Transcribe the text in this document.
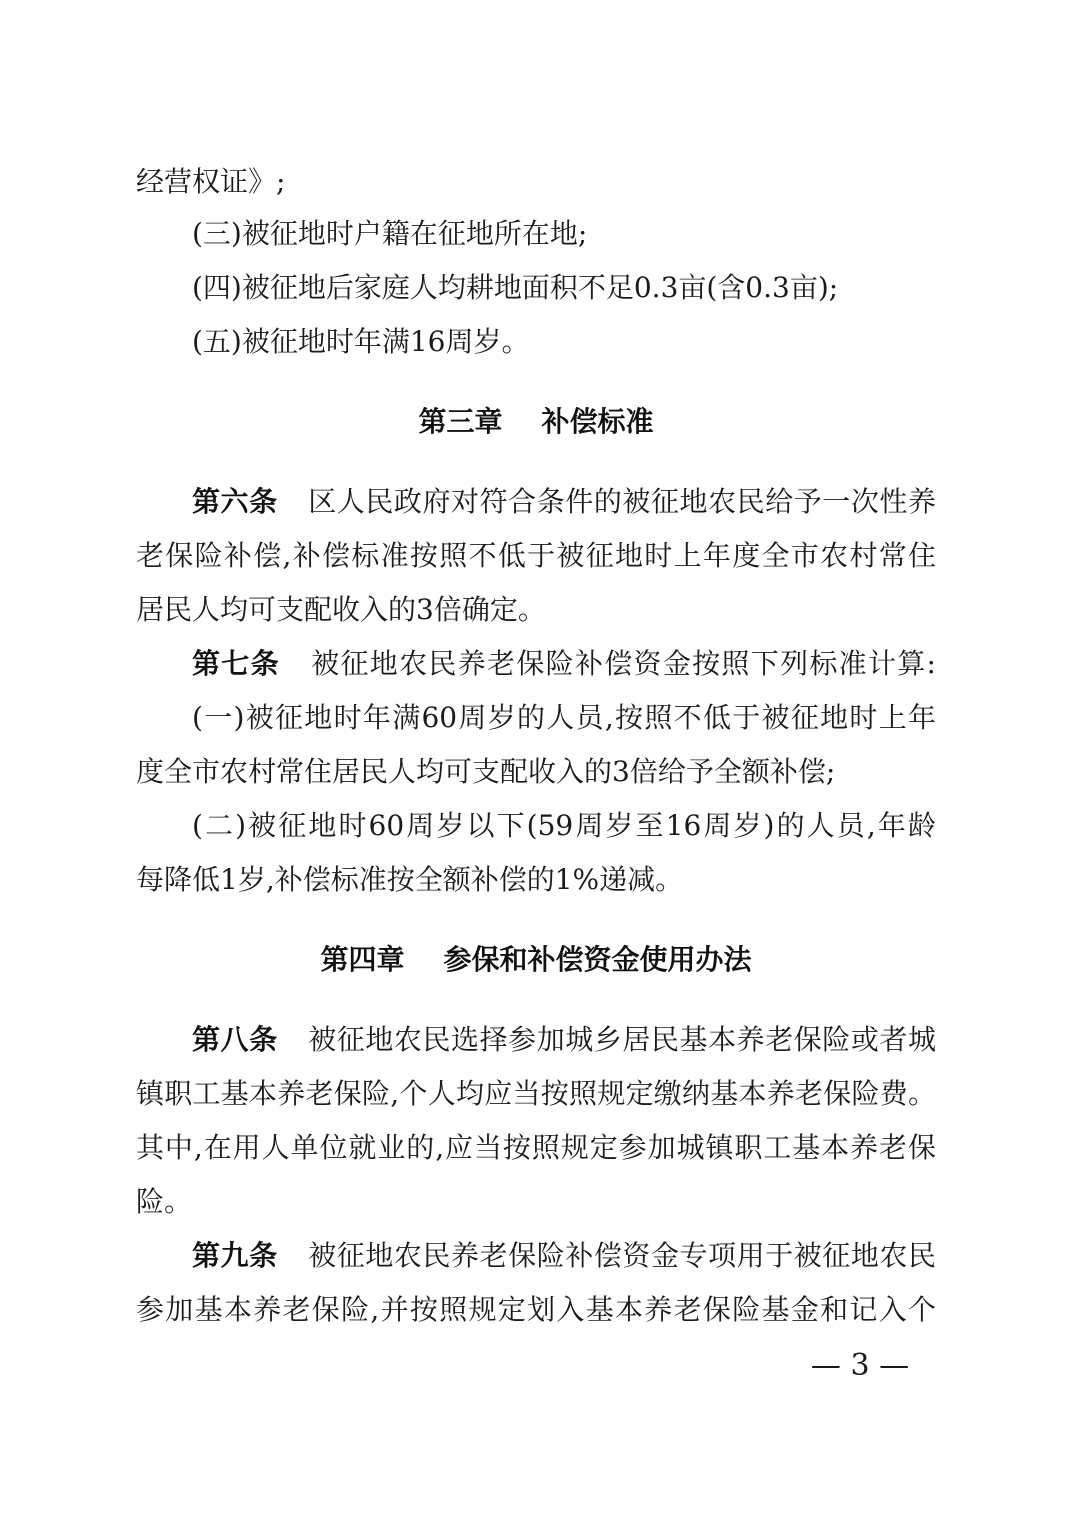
经营权证》;
(三)被征地时户籍在征地所在地;
(四)被征地后家庭人均耕地面积不足0.3亩(含0.3亩);
(五)被征地时年满16周岁。
第三章    补偿标准
第六条 区人民政府对符合条件的被征地农民给予一次性养
老保险补偿,补偿标准按照不低于被征地时上年度全市农村常住
居民人均可支配收入的3倍确定。
第七条 被征地农民养老保险补偿资金按照下列标准计算:
(一)被征地时年满60周岁的人员,按照不低于被征地时上年
度全市农村常住居民人均可支配收入的3倍给予全额补偿;
(二)被征地时60周岁以下(59周岁至16周岁)的人员,年龄
每降低1岁,补偿标准按全额补偿的1%递减。
第四章    参保和补偿资金使用办法
第八条 被征地农民选择参加城乡居民基本养老保险或者城
镇职工基本养老保险,个人均应当按照规定缴纳基本养老保险费。
其中,在用人单位就业的,应当按照规定参加城镇职工基本养老保
险。
第九条 被征地农民养老保险补偿资金专项用于被征地农民
参加基本养老保险,并按照规定划入基本养老保险基金和记入个
— 3 —
